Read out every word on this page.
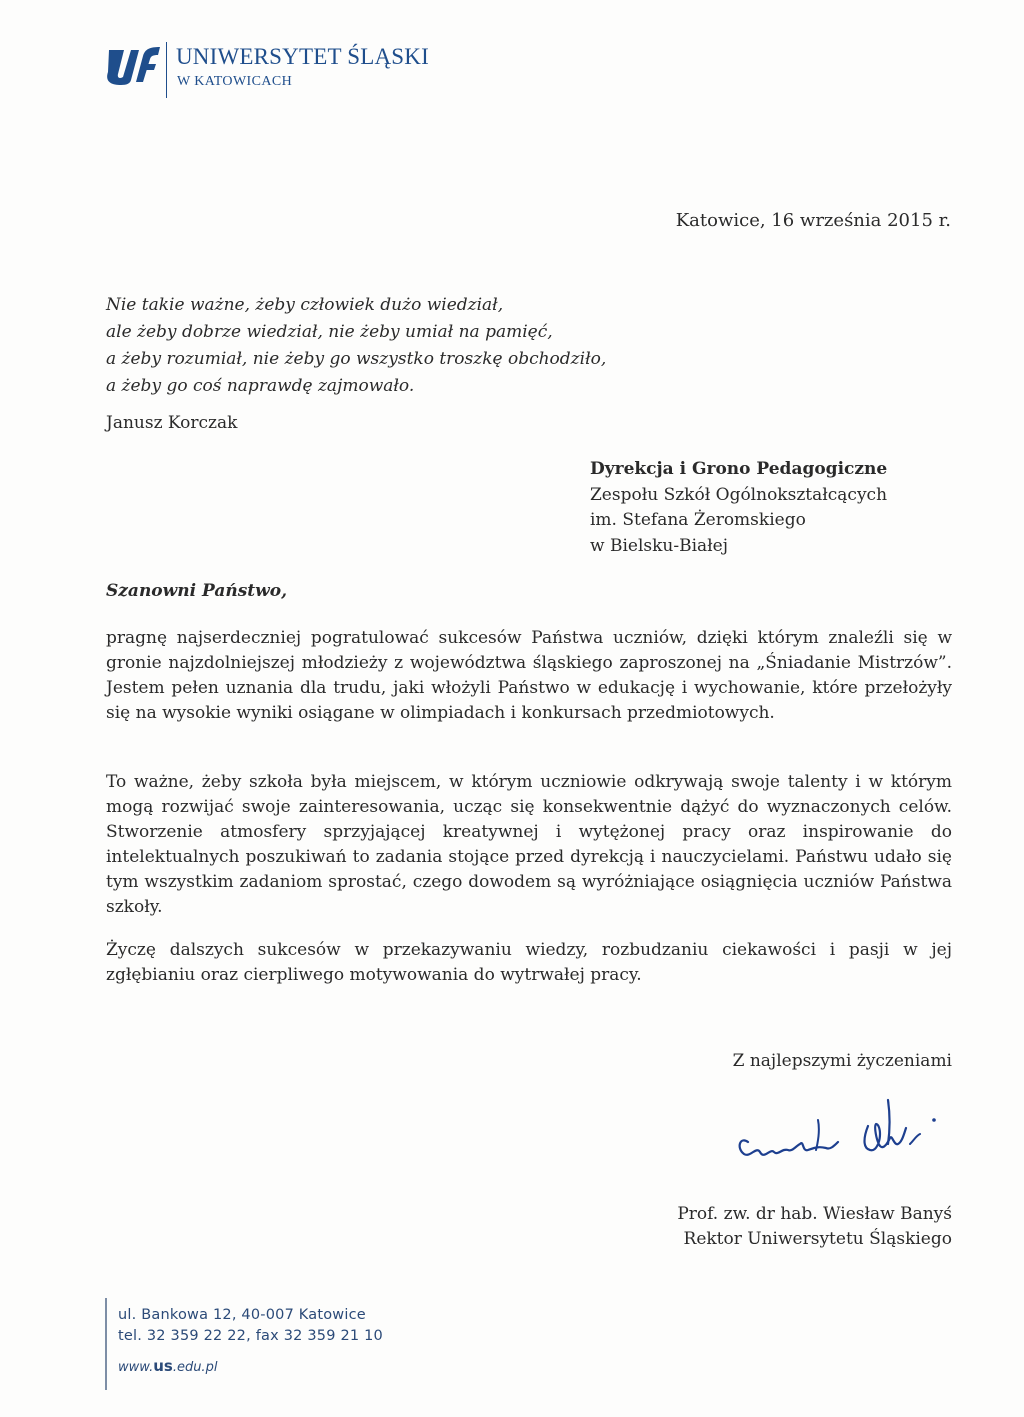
UNIWERSYTET ŚLĄSKI
W KATOWICACH
Katowice, 16 września 2015 r.
Nie takie ważne, żeby człowiek dużo wiedział,
ale żeby dobrze wiedział, nie żeby umiał na pamięć,
a żeby rozumiał, nie żeby go wszystko troszkę obchodziło,
a żeby go coś naprawdę zajmowało.
Janusz Korczak
Dyrekcja i Grono Pedagogiczne
Zespołu Szkół Ogólnokształcących
im. Stefana Żeromskiego
w Bielsku-Białej
Szanowni Państwo,
pragnę najserdeczniej pogratulować sukcesów Państwa uczniów, dzięki którym znaleźli się w gronie najzdolniejszej młodzieży z województwa śląskiego zaproszonej na „Śniadanie Mistrzów”. Jestem pełen uznania dla trudu, jaki włożyli Państwo w edukację i wychowanie, które przełożyły się na wysokie wyniki osiągane w olimpiadach i konkursach przedmiotowych.
To ważne, żeby szkoła była miejscem, w którym uczniowie odkrywają swoje talenty i w którym mogą rozwijać swoje zainteresowania, ucząc się konsekwentnie dążyć do wyznaczonych celów. Stworzenie atmosfery sprzyjającej kreatywnej i wytężonej pracy oraz inspirowanie do intelektualnych poszukiwań to zadania stojące przed dyrekcją i nauczycielami. Państwu udało się tym wszystkim zadaniom sprostać, czego dowodem są wyróżniające osiągnięcia uczniów Państwa szkoły.
Życzę dalszych sukcesów w przekazywaniu wiedzy, rozbudzaniu ciekawości i pasji w jej zgłębianiu oraz cierpliwego motywowania do wytrwałej pracy.
Z najlepszymi życzeniami
Prof. zw. dr hab. Wiesław Banyś
Rektor Uniwersytetu Śląskiego
ul. Bankowa 12, 40-007 Katowice
tel. 32 359 22 22, fax 32 359 21 10
www.us.edu.pl
